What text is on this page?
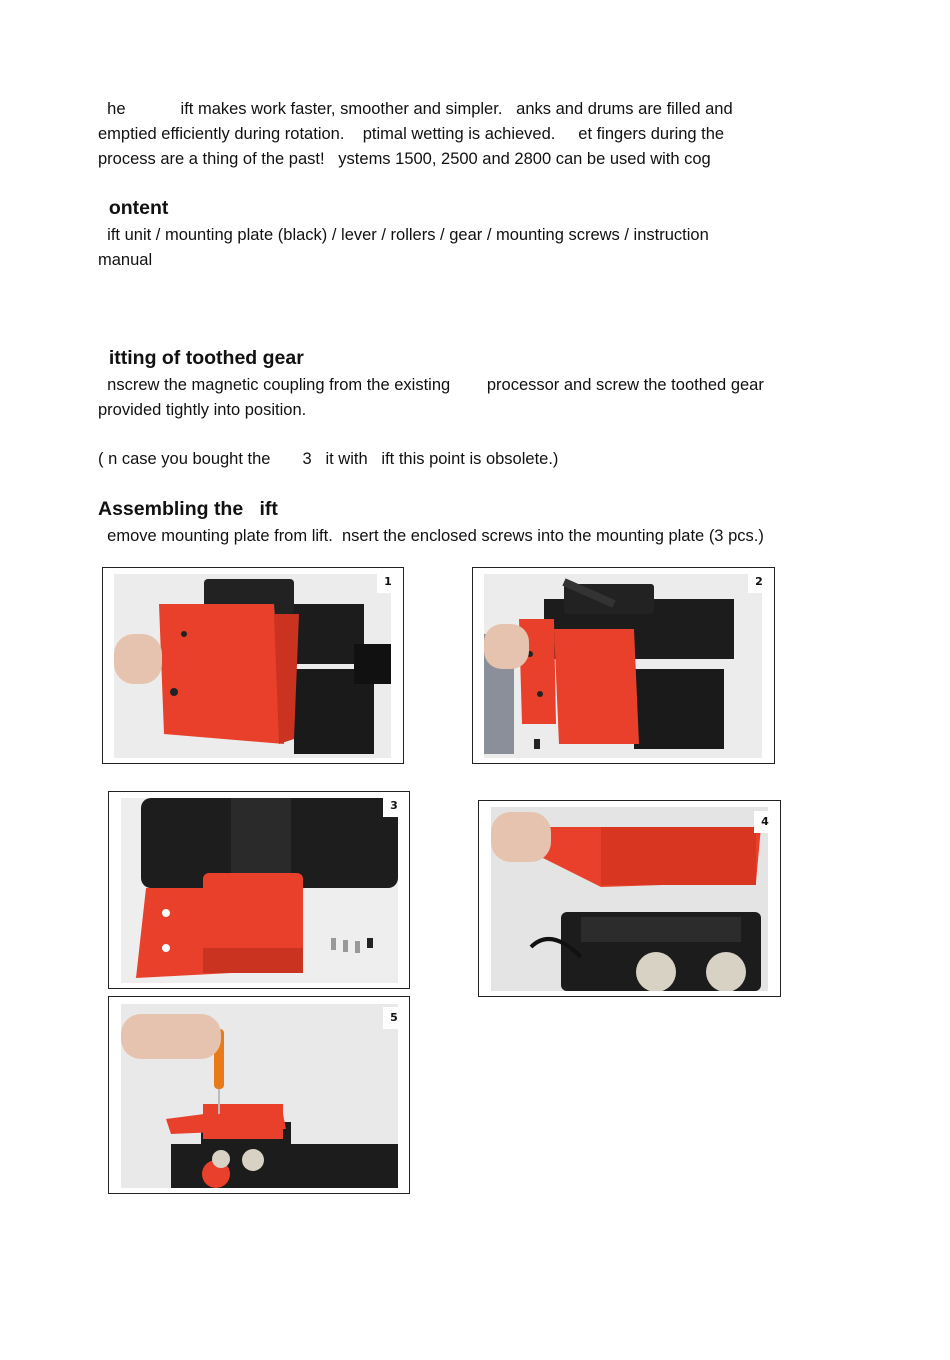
he            ift makes work faster, smoother and simpler.   anks and drums are filled and

emptied efficiently during rotation.    ptimal wetting is achieved.     et fingers during the

process are a thing of the past!   ystems 1500, 2500 and 2800 can be used with cog

ontent

ift unit / mounting plate (black) / lever / rollers / gear / mounting screws / instruction

manual

itting of toothed gear

nscrew the magnetic coupling from the existing        processor and screw the toothed gear

provided tightly into position.

( n case you bought the       3   it with   ift this point is obsolete.)

Assembling the   ift

emove mounting plate from lift.  nsert the enclosed screws into the mounting plate (3 pcs.)

1	2
3
4
5
